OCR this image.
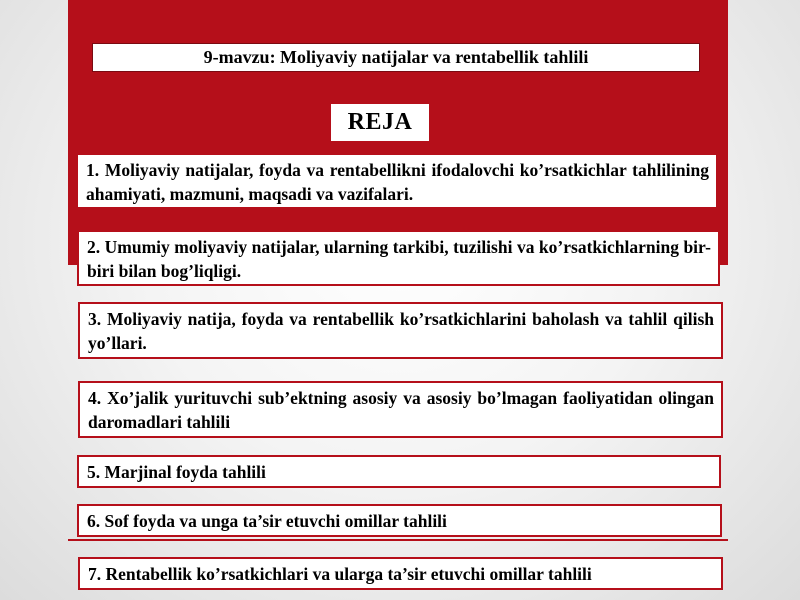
9-mavzu: Moliyaviy natijalar va rentabellik tahlili
REJA
1. Moliyaviy natijalar, foyda va rentabellikni ifodalovchi ko’rsatkichlar tahlilining ahamiyati, mazmuni, maqsadi va vazifalari.
2. Umumiy moliyaviy natijalar, ularning tarkibi, tuzilishi va ko’rsatkichlarning bir-biri bilan bog’liqligi.
3. Moliyaviy natija, foyda va rentabellik ko’rsatkichlarini baholash va tahlil qilish yo’llari.
4. Xo’jalik yurituvchi sub’ektning asosiy va asosiy bo’lmagan faoliyatidan olingan daromadlari tahlili
5. Marjinal foyda tahlili
6. Sof foyda va unga ta’sir etuvchi omillar tahlili
7. Rentabellik ko’rsatkichlari va ularga ta’sir etuvchi omillar tahlili
